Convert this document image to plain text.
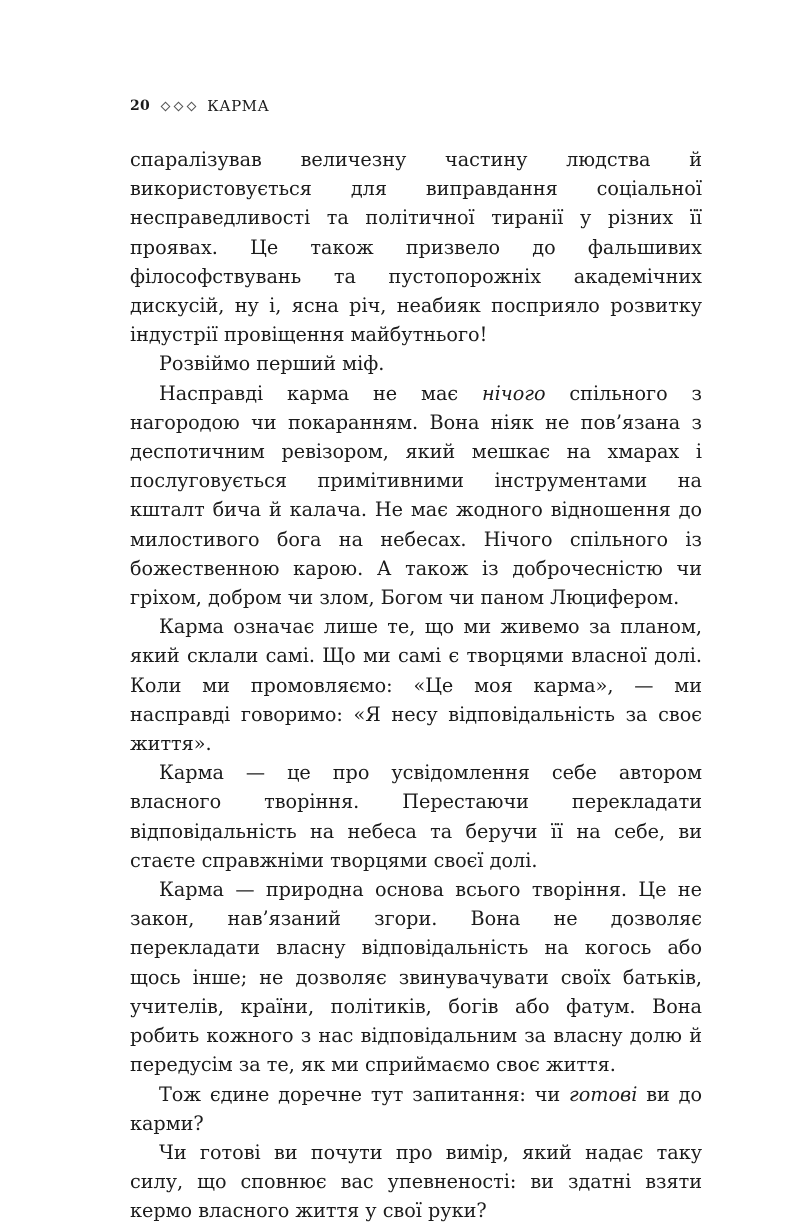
20	КАРМА

спаралізував величезну частину людства й використовується для виправдання соціальної несправедливості та політичної тиранії у різних її проявах. Це також призвело до фальшивих філософствувань та пустопорожніх академічних дискусій, ну і, ясна річ, неабияк посприяло розвитку індустрії провіщення майбутнього!

Розвіймо перший міф.

Насправді карма не має нічого спільного з нагородою чи покаранням. Вона ніяк не пов’язана з деспотичним ревізором, який мешкає на хмарах і послуговується примітивними інструментами на кшталт бича й калача. Не має жодного відношення до милостивого бога на небесах. Нічого спільного із божественною карою. А також із доброчесністю чи гріхом, добром чи злом, Богом чи паном Люцифером.

Карма означає лише те, що ми живемо за планом, який склали самі. Що ми самі є творцями власної долі. Коли ми промовляємо: «Це моя карма», — ми насправді говоримо: «Я несу відповідальність за своє життя».

Карма — це про усвідомлення себе автором власного творіння. Перестаючи перекладати відповідальність на небеса та беручи її на себе, ви стаєте справжніми творцями своєї долі.

Карма — природна основа всього творіння. Це не закон, нав’язаний згори. Вона не дозволяє перекладати власну відповідальність на когось або щось інше; не дозволяє звинувачувати своїх батьків, учителів, країни, політиків, богів або фатум. Вона робить кожного з нас відповідальним за власну долю й передусім за те, як ми сприймаємо своє життя.

Тож єдине доречне тут запитання: чи готові ви до карми?

Чи готові ви почути про вимір, який надає таку силу, що сповнює вас упевненості: ви здатні взяти кермо власного життя у свої руки?
